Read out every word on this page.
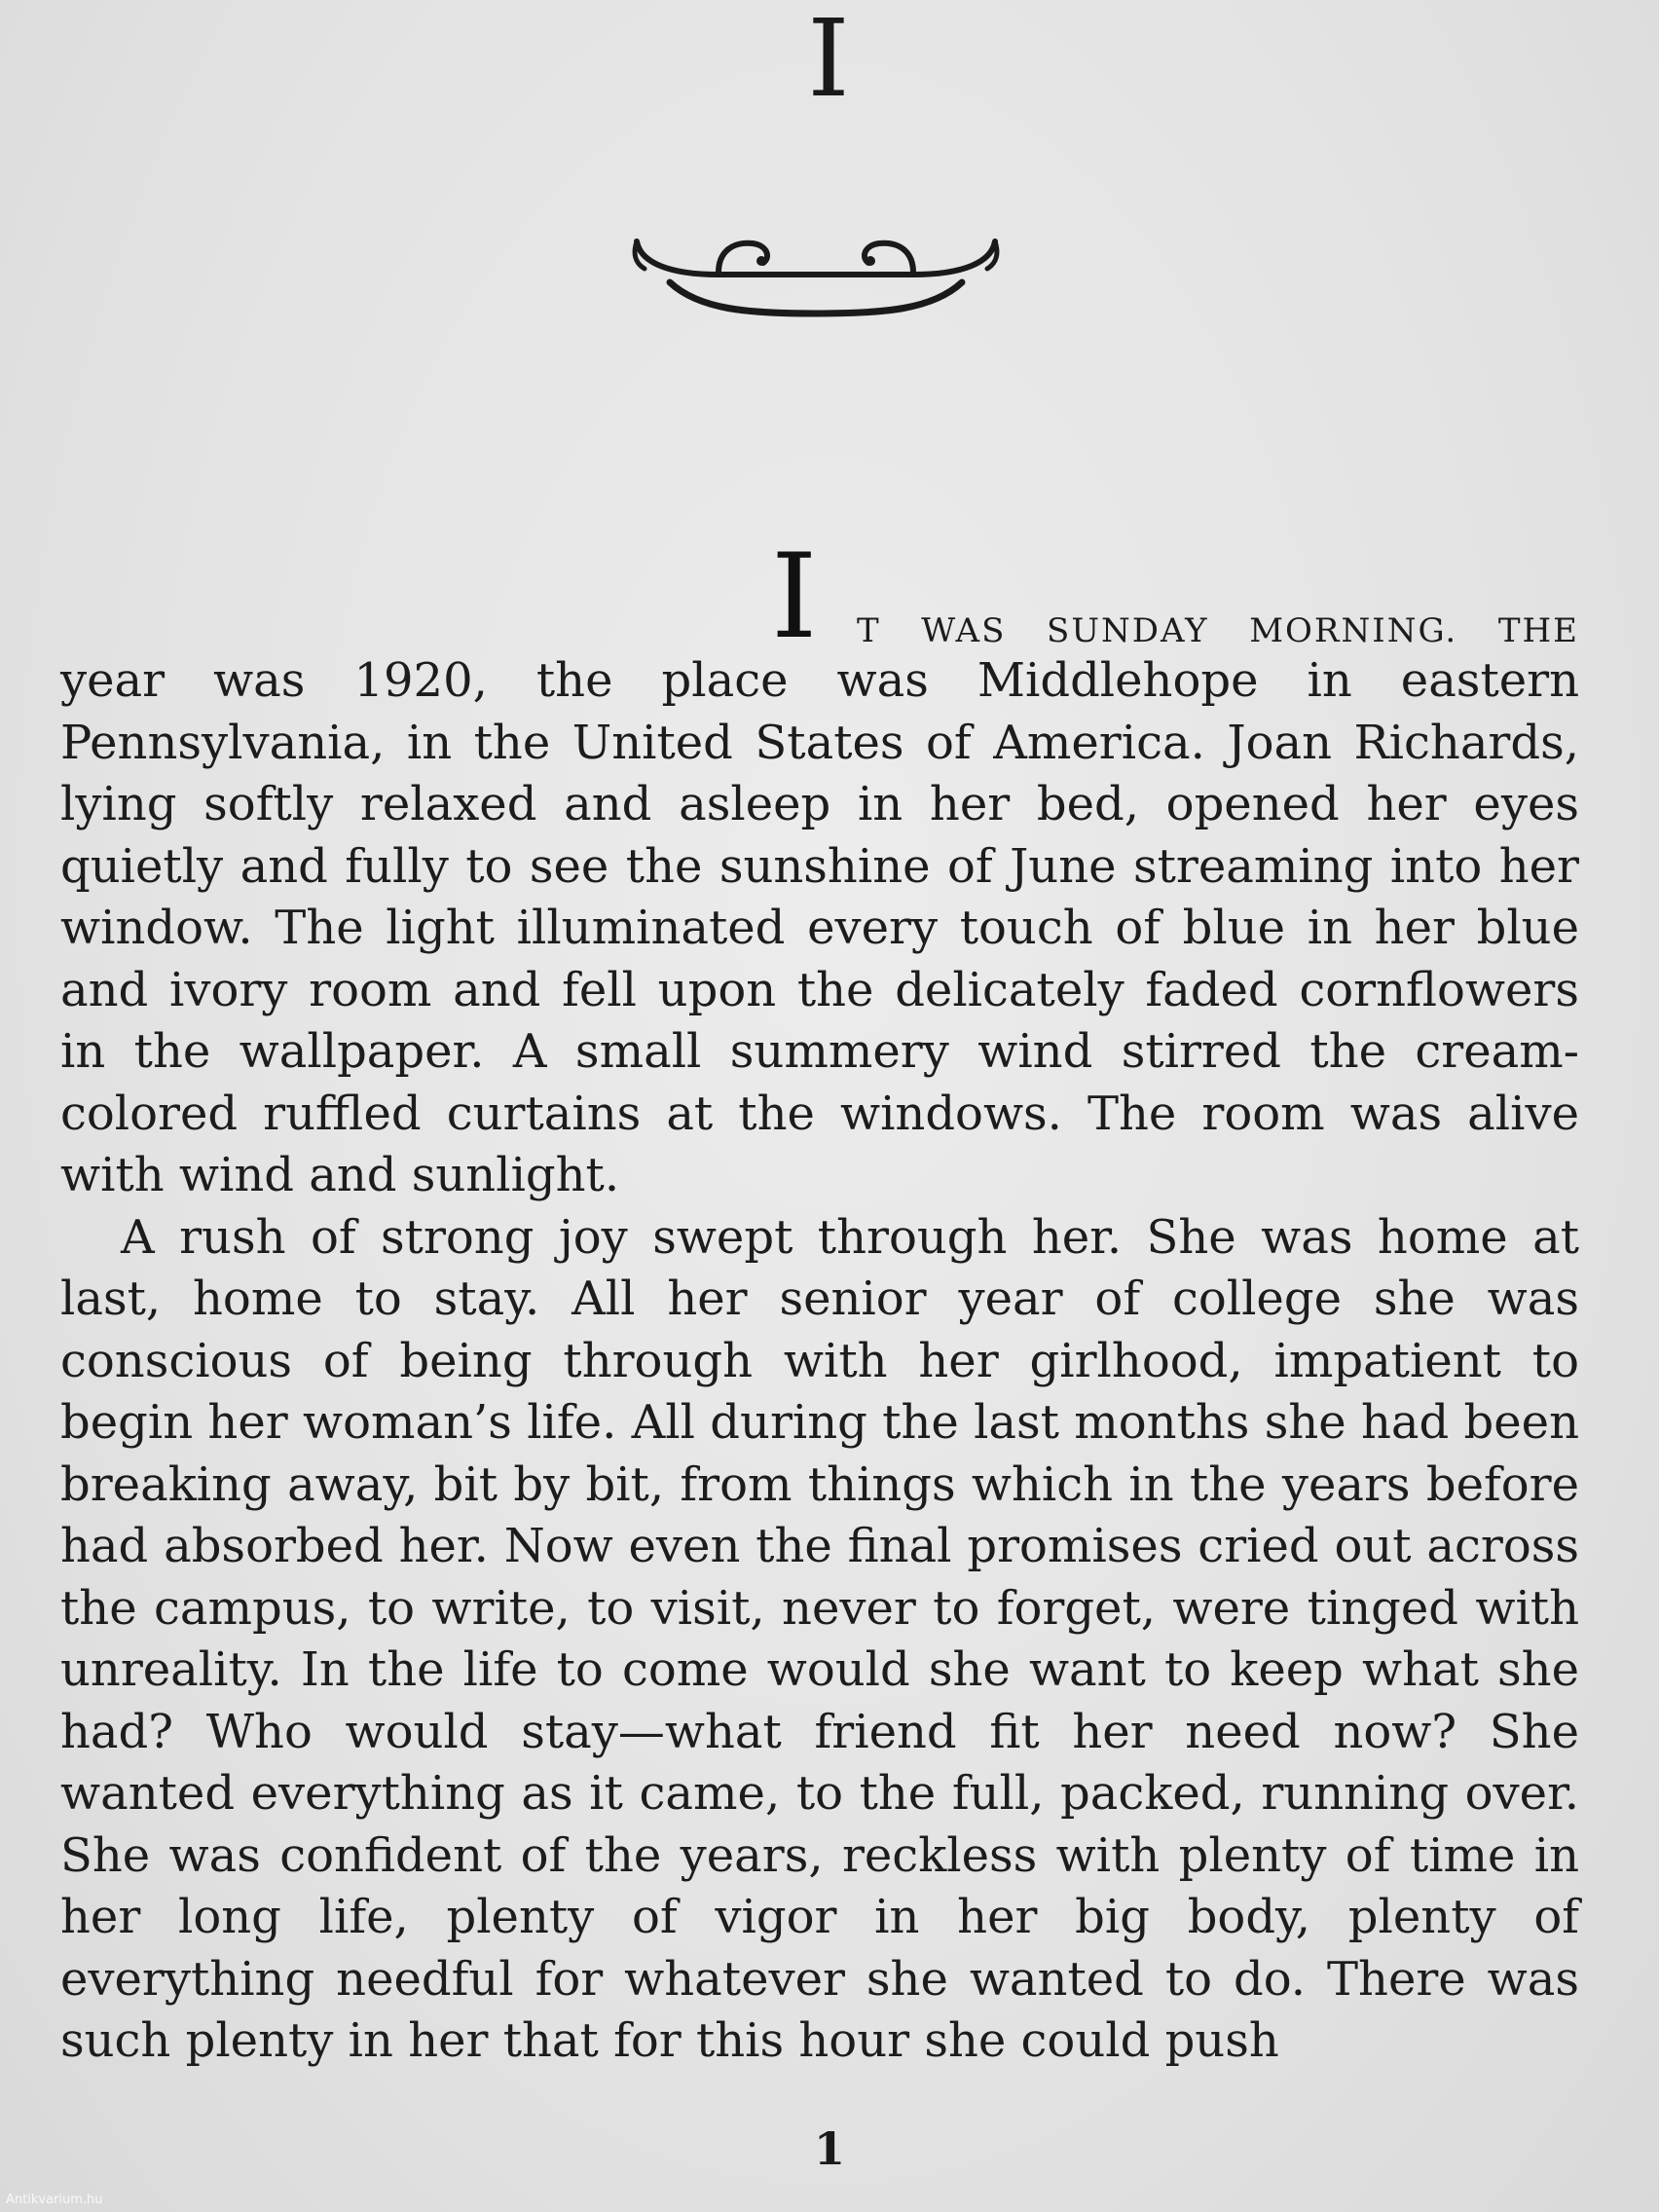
I
I T WAS SUNDAY MORNING. THE

year was 1920, the place was Middlehope in eastern Pennsylvania, in the United States of America. Joan Richards, lying softly relaxed and asleep in her bed, opened her eyes quietly and fully to see the sunshine of June streaming into her window. The light illuminated every touch of blue in her blue and ivory room and fell upon the delicately faded cornflowers in the wallpaper. A small summery wind stirred the cream-colored ruffled curtains at the windows. The room was alive with wind and sunlight.

A rush of strong joy swept through her. She was home at last, home to stay. All her senior year of college she was conscious of being through with her girlhood, impatient to begin her woman’s life. All during the last months she had been breaking away, bit by bit, from things which in the years before had absorbed her. Now even the final promises cried out across the campus, to write, to visit, never to forget, were tinged with unreality. In the life to come would she want to keep what she had? Who would stay—what friend fit her need now? She wanted everything as it came, to the full, packed, running over. She was confident of the years, reckless with plenty of time in her long life, plenty of vigor in her big body, plenty of everything needful for whatever she wanted to do. There was such plenty in her that for this hour she could push

1
Antikvarium.hu
